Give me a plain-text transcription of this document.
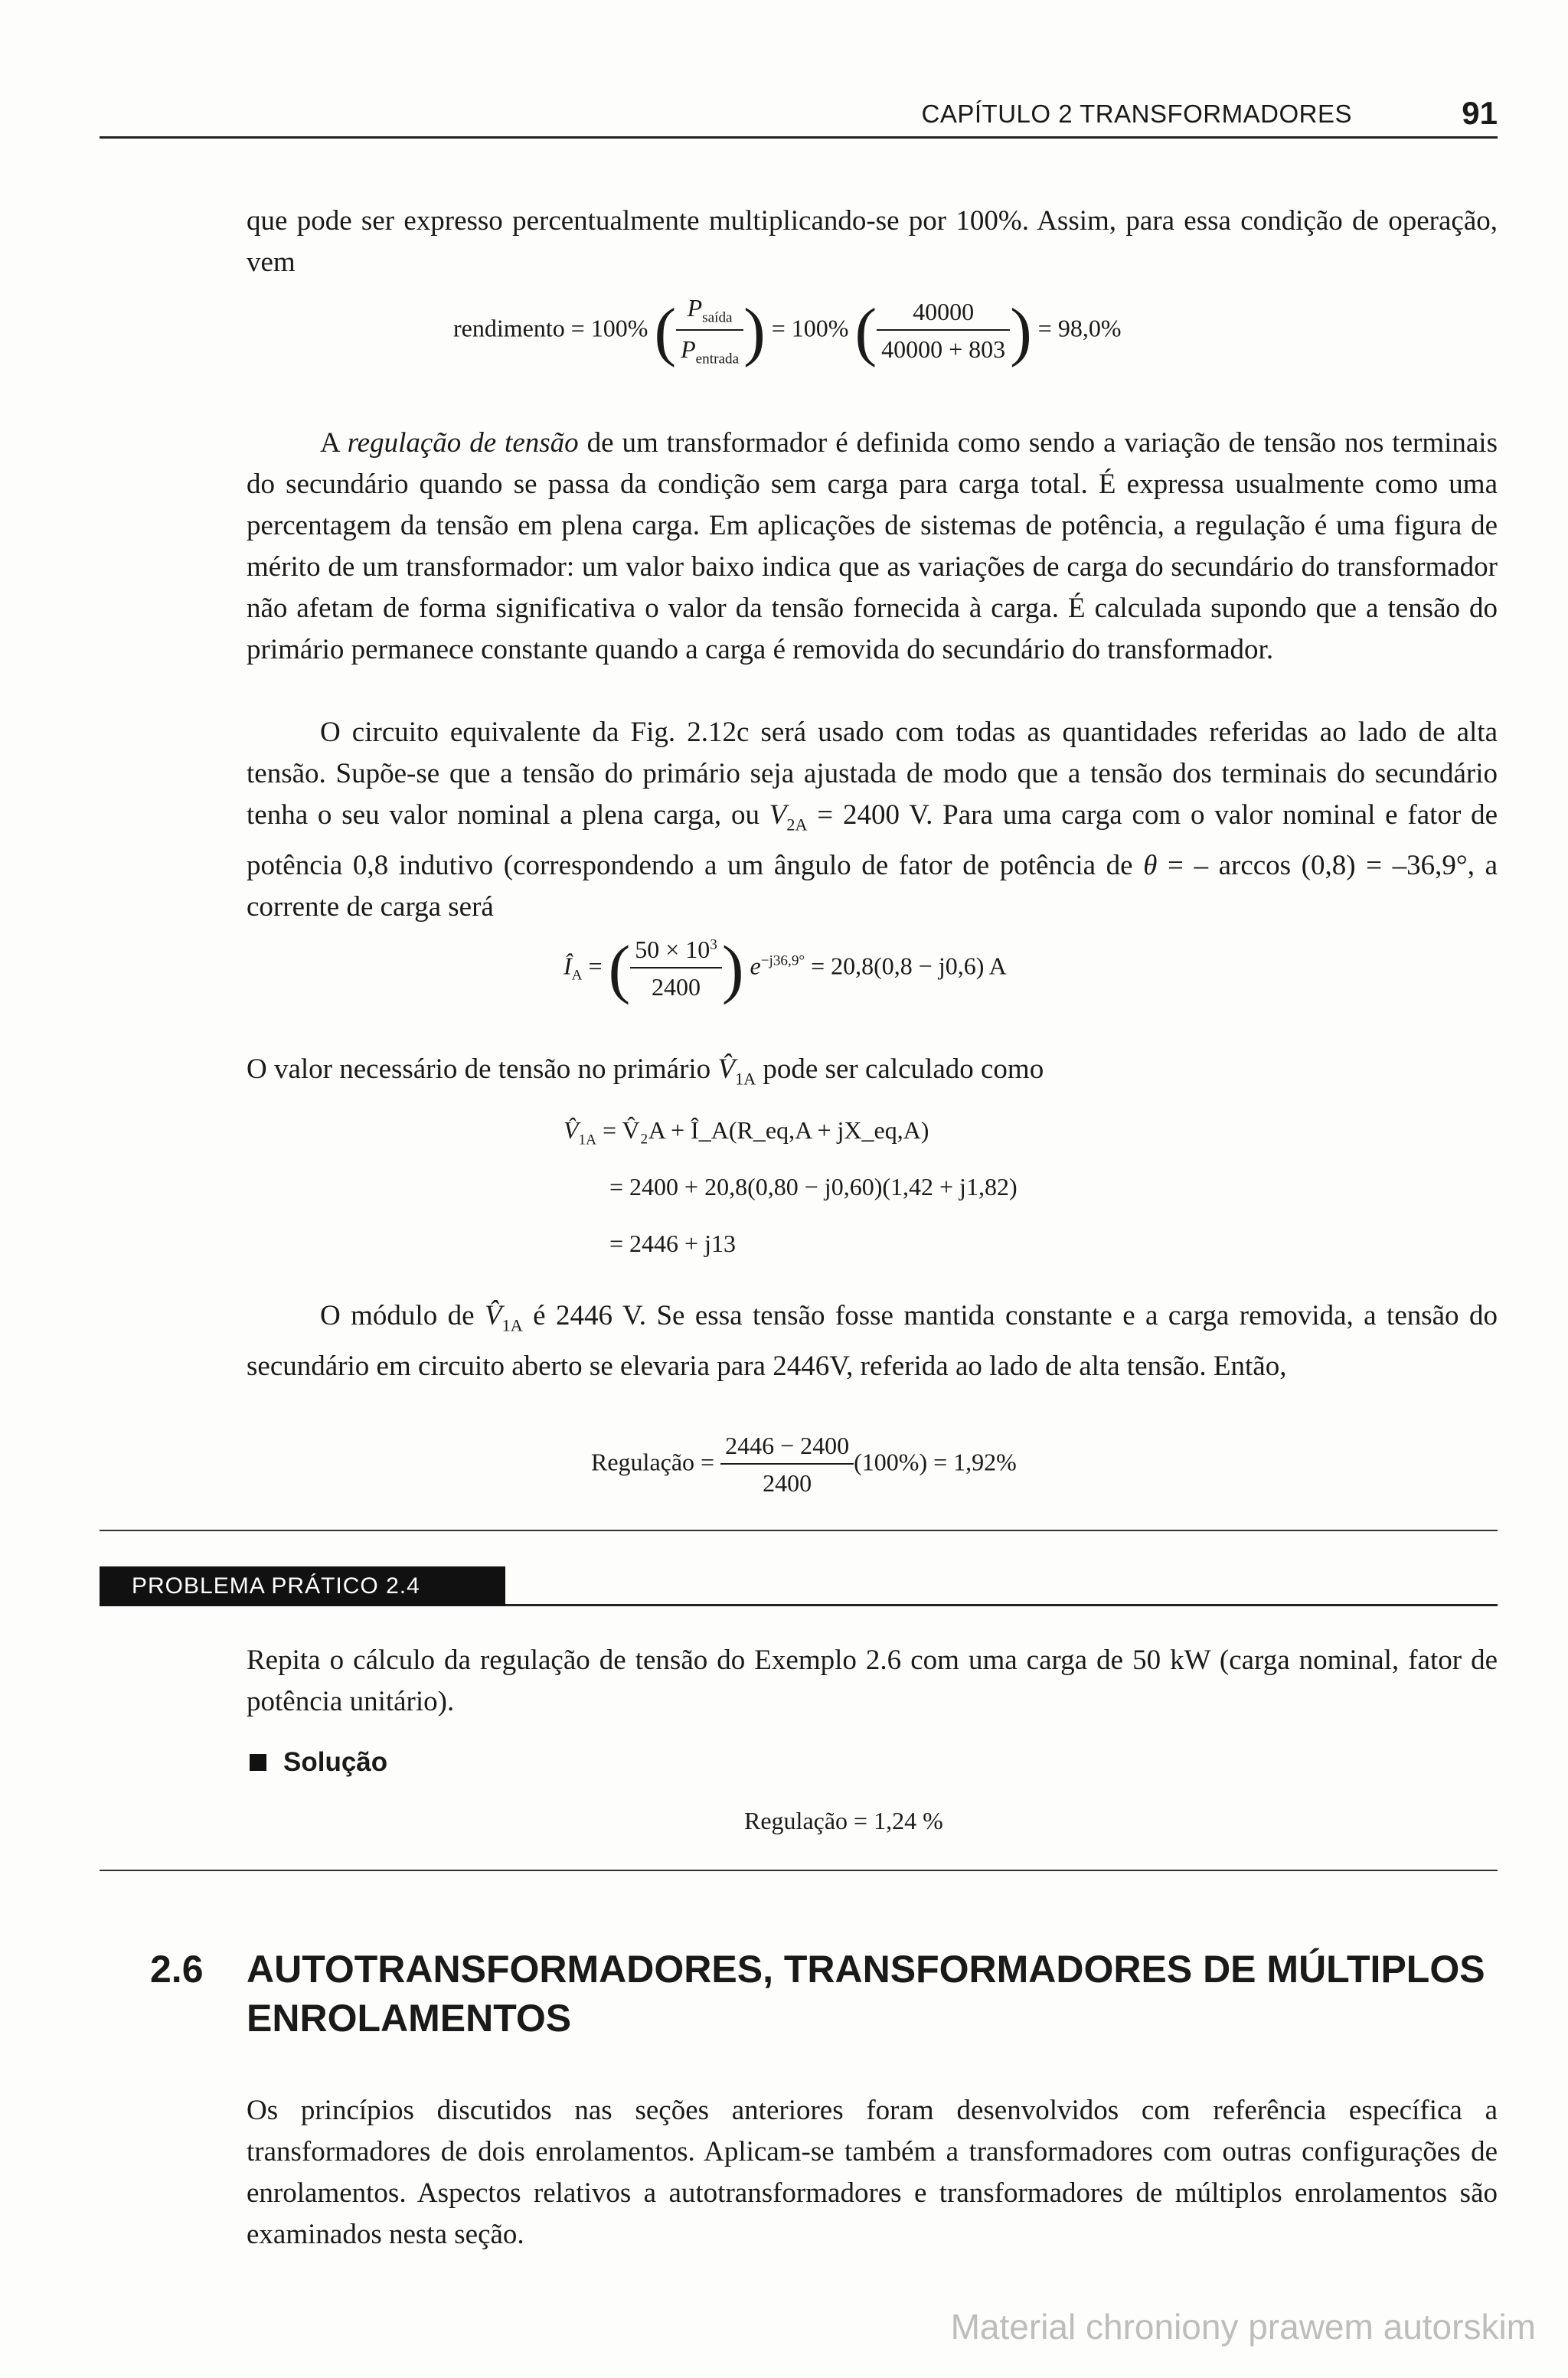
CAPÍTULO 2 TRANSFORMADORES	91

que pode ser expresso percentualmente multiplicando-se por 100%. Assim, para essa condição de operação, vem

rendimento = 100% ( $\frac{P_{saída}}{P_{entrada}}$ ) = 100% ( $\frac{40000}{40000 + 803}$ ) = 98,0%

A regulação de tensão de um transformador é definida como sendo a variação de tensão nos terminais do secundário quando se passa da condição sem carga para carga total. É expressa usualmente como uma percentagem da tensão em plena carga. Em aplicações de sistemas de potência, a regulação é uma figura de mérito de um transformador: um valor baixo indica que as variações de carga do secundário do transformador não afetam de forma significativa o valor da tensão fornecida à carga. É calculada supondo que a tensão do primário permanece constante quando a carga é removida do secundário do transformador.

O circuito equivalente da Fig. 2.12c será usado com todas as quantidades referidas ao lado de alta tensão. Supõe-se que a tensão do primário seja ajustada de modo que a tensão dos terminais do secundário tenha o seu valor nominal a plena carga, ou $V_{2A} = 2400$ V. Para uma carga com o valor nominal e fator de potência 0,8 indutivo (correspondendo a um ângulo de fator de potência de θ = – arccos (0,8) = –36,9°, a corrente de carga será

$Î_A$ = ( $\frac{50 \times 10^3}{2400}$ ) $e^{-j36,9^\circ} = 20,8(0,8 - j0,6)$ A

O valor necessário de tensão no primário $V̂_{1A}$ pode ser calculado como

$V̂_{1A}$ = V̂₂A + Î_A(R_eq,A + jX_eq,A)
= 2400 + 20,8(0,80 − j0,60)(1,42 + j1,82)
= 2446 + j13

O módulo de $V̂_{1A}$ é 2446 V. Se essa tensão fosse mantida constante e a carga removida, a tensão do secundário em circuito aberto se elevaria para 2446V, referida ao lado de alta tensão. Então,

Regulação = $\frac{2446 - 2400}{2400} (100\%) = 1,92\%$
PROBLEMA PRÁTICO 2.4

Repita o cálculo da regulação de tensão do Exemplo 2.6 com uma carga de 50 kW (carga nominal, fator de potência unitário).

Solução
Regulação = 1,24 %
2.6 AUTOTRANSFORMADORES, TRANSFORMADORES DE MÚLTIPLOS ENROLAMENTOS

Os princípios discutidos nas seções anteriores foram desenvolvidos com referência específica a transformadores de dois enrolamentos. Aplicam-se também a transformadores com outras configurações de enrolamentos. Aspectos relativos a autotransformadores e transformadores de múltiplos enrolamentos são examinados nesta seção.

Material chroniony prawem autorskim
